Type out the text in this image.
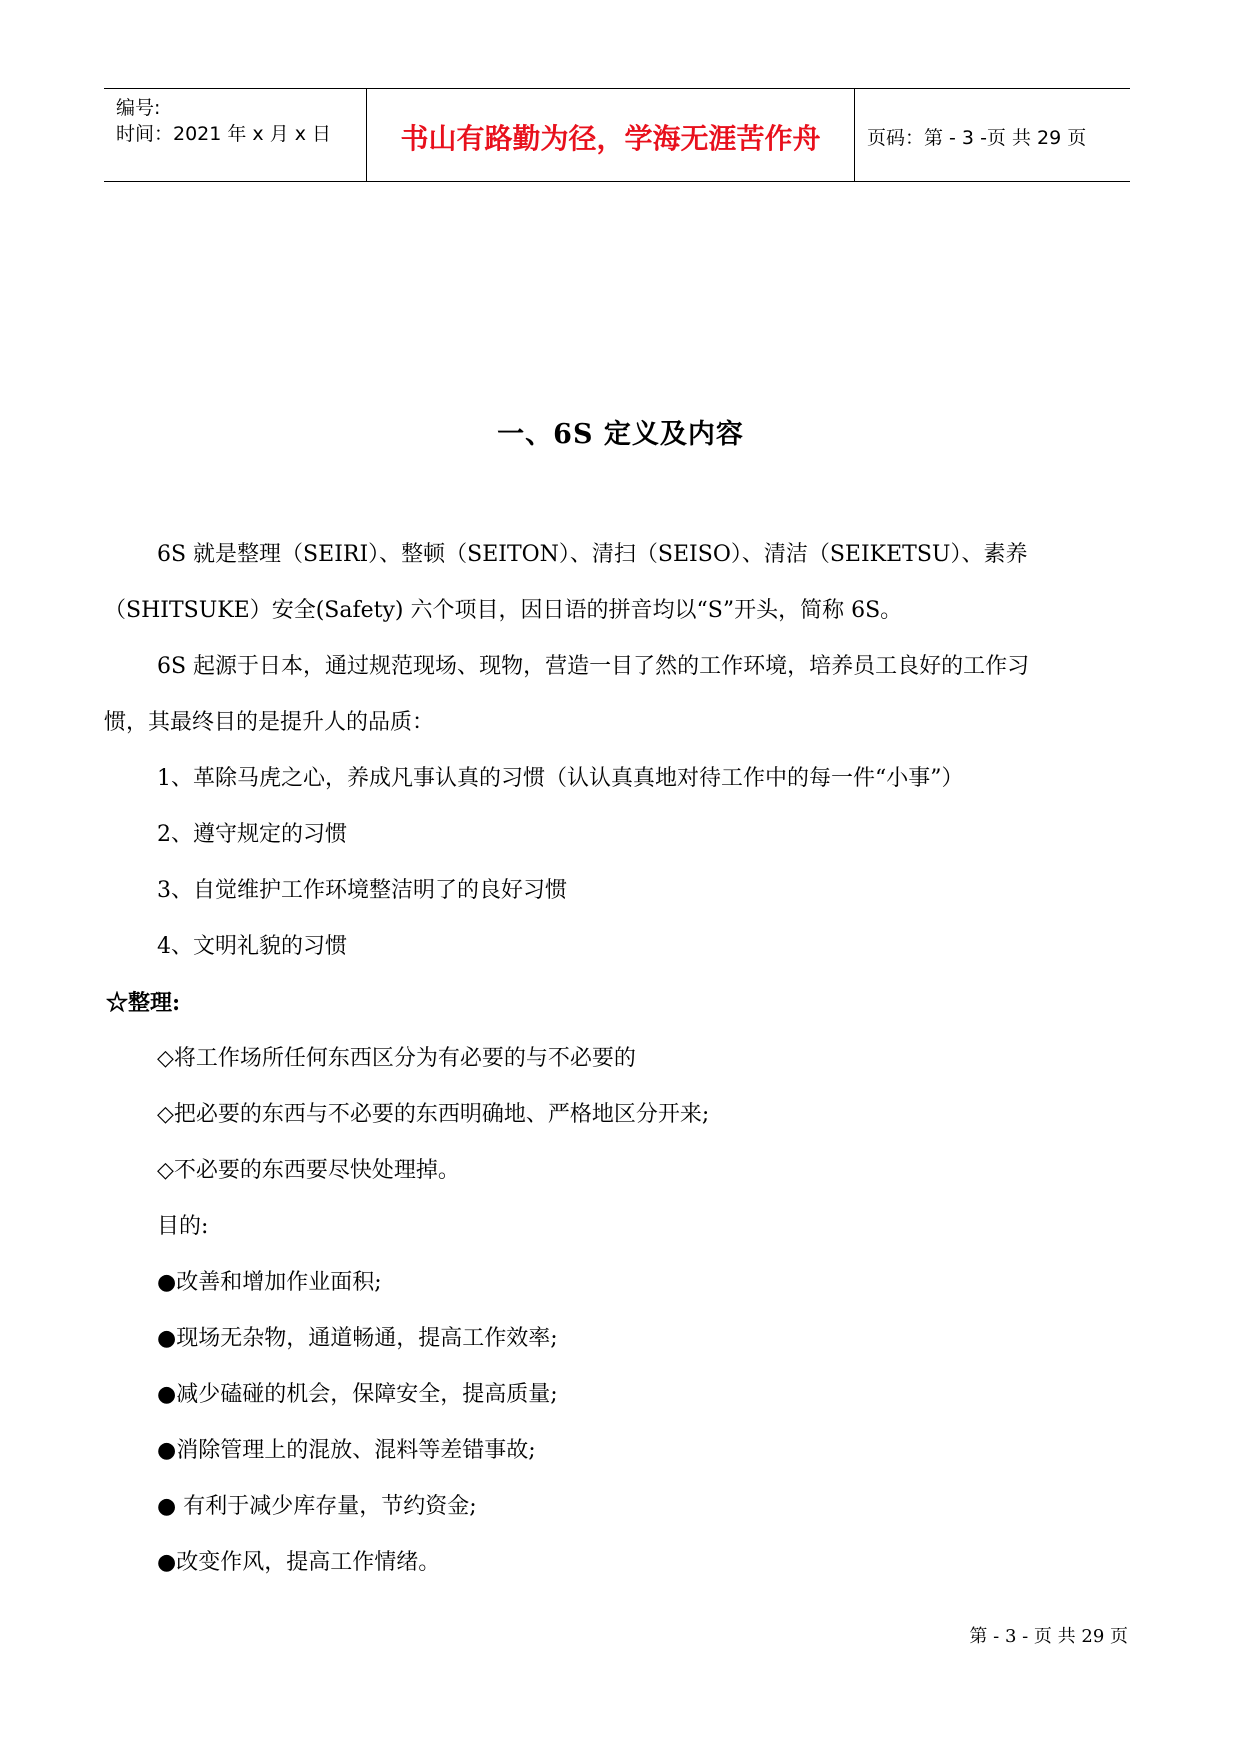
编号:
时间：2021 年 x 月 x 日	书山有路勤为径，学海无涯苦作舟	页码：第 - 3 -页 共 29 页
一、6S 定义及内容
6S 就是整理（SEIRI）、整顿（SEITON）、清扫（SEISO）、清洁（SEIKETSU）、素养
（SHITSUKE）安全(Safety) 六个项目，因日语的拼音均以“S”开头，简称 6S。
6S 起源于日本，通过规范现场、现物，营造一目了然的工作环境，培养员工良好的工作习
惯，其最终目的是提升人的品质：
1、革除马虎之心，养成凡事认真的习惯（认认真真地对待工作中的每一件“小事”）
2、遵守规定的习惯
3、自觉维护工作环境整洁明了的良好习惯
4、文明礼貌的习惯
☆整理:
◇将工作场所任何东西区分为有必要的与不必要的
◇把必要的东西与不必要的东西明确地、严格地区分开来;
◇不必要的东西要尽快处理掉。
目的:
●改善和增加作业面积;
●现场无杂物，通道畅通，提高工作效率;
●减少磕碰的机会，保障安全，提高质量;
●消除管理上的混放、混料等差错事故;
● 有利于减少库存量，节约资金;
●改变作风，提高工作情绪。
第 - 3 - 页 共 29 页
